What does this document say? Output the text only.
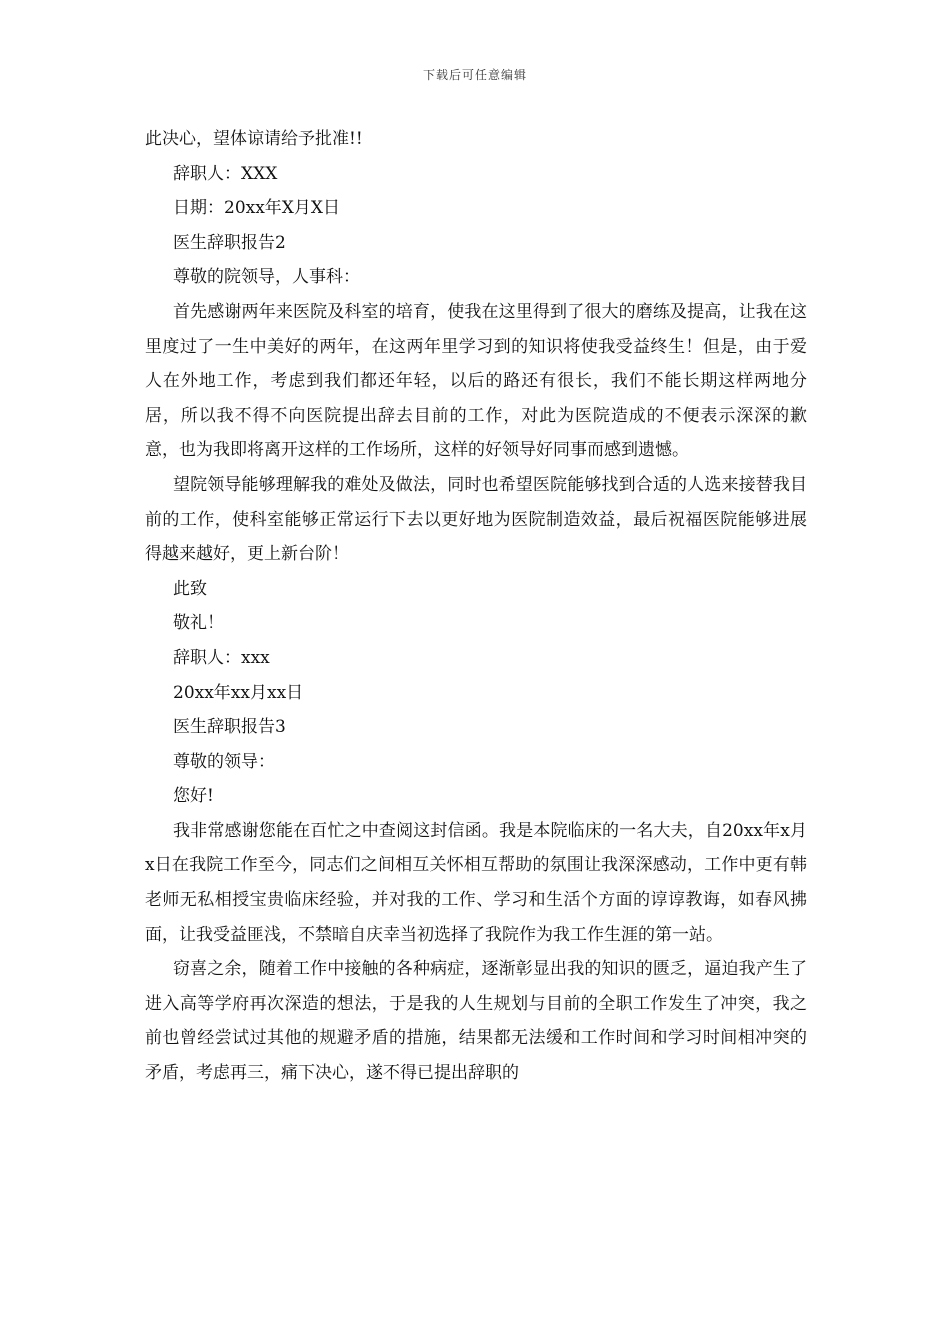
下载后可任意编辑
此决心，望体谅请给予批准!!
辞职人：XXX
日期：20xx年X月X日
医生辞职报告2
尊敬的院领导，人事科：
首先感谢两年来医院及科室的培育，使我在这里得到了很大的磨练及提高，让我在这里度过了一生中美好的两年，在这两年里学习到的知识将使我受益终生！但是，由于爱人在外地工作，考虑到我们都还年轻，以后的路还有很长，我们不能长期这样两地分居，所以我不得不向医院提出辞去目前的工作，对此为医院造成的不便表示深深的歉意，也为我即将离开这样的工作场所，这样的好领导好同事而感到遗憾。
望院领导能够理解我的难处及做法，同时也希望医院能够找到合适的人选来接替我目前的工作，使科室能够正常运行下去以更好地为医院制造效益，最后祝福医院能够进展得越来越好，更上新台阶！
此致
敬礼！
辞职人：xxx
20xx年xx月xx日
医生辞职报告3
尊敬的领导：
您好!
我非常感谢您能在百忙之中查阅这封信函。我是本院临床的一名大夫，自20xx年x月x日在我院工作至今，同志们之间相互关怀相互帮助的氛围让我深深感动，工作中更有韩老师无私相授宝贵临床经验，并对我的工作、学习和生活个方面的谆谆教诲，如春风拂面，让我受益匪浅，不禁暗自庆幸当初选择了我院作为我工作生涯的第一站。
窃喜之余，随着工作中接触的各种病症，逐渐彰显出我的知识的匮乏，逼迫我产生了进入高等学府再次深造的想法，于是我的人生规划与目前的全职工作发生了冲突，我之前也曾经尝试过其他的规避矛盾的措施，结果都无法缓和工作时间和学习时间相冲突的矛盾，考虑再三，痛下决心，遂不得已提出辞职的
